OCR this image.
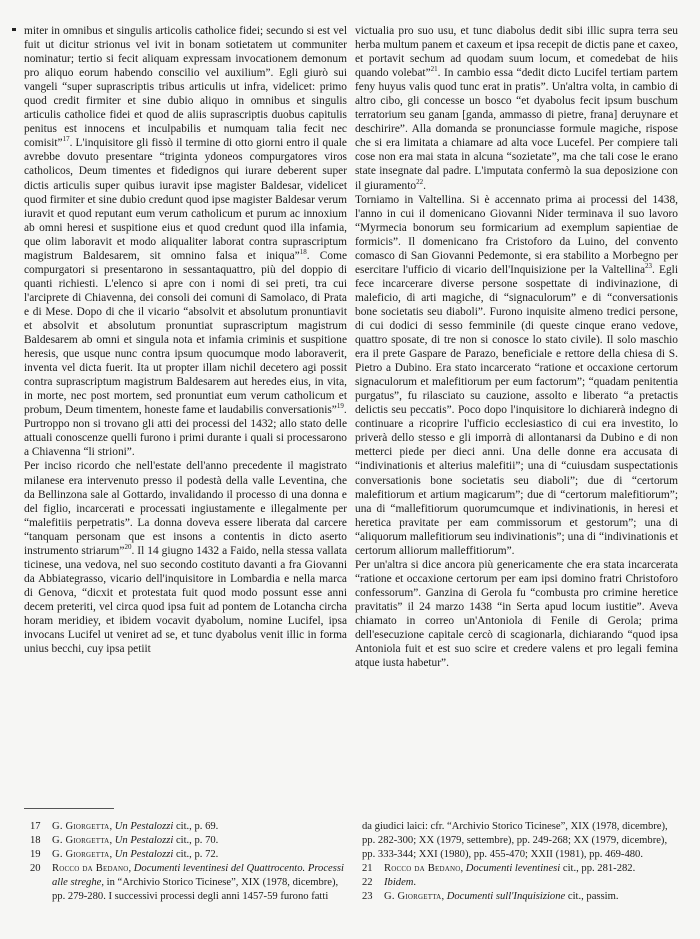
miter in omnibus et singulis articolis catholice fidei; secundo si est vel fuit ut dicitur strionus vel ivit in bonam sotietatem ut communiter nominatur; tertio si fecit aliquam expressam invocationem demonum pro aliquo eorum habendo conscilio vel auxilium”. Egli giurò sui vangeli “super suprascriptis tribus articulis ut infra, videlicet: primo quod credit firmiter et sine dubio aliquo in omnibus et singulis articulis catholice fidei et quod de aliis suprascriptis duobus capitulis penitus est innocens et inculpabilis et numquam talia fecit nec comisit”$^{17}$. L'inquisitore gli fissò il termine di otto giorni entro il quale avrebbe dovuto presentare “triginta ydoneos compurgatores viros catholicos, Deum timentes et fidedignos qui iurare deberent super dictis articulis super quibus iuravit ipse magister Baldesar, videlicet quod firmiter et sine dubio credunt quod ipse magister Baldesar verum iuravit et quod reputant eum verum catholicum et purum ac innoxium ab omni heresi et suspitione eius et quod credunt quod illa infamia, que olim laboravit et modo aliqualiter laborat contra suprascriptum magistrum Baldesarem, sit omnino falsa et iniqua”$^{18}$. Come compurgatori si presentarono in sessantaquattro, più del doppio di quanti richiesti. L'elenco si apre con i nomi di sei preti, tra cui l'arciprete di Chiavenna, dei consoli dei comuni di Samolaco, di Prata e di Mese. Dopo di che il vicario “absolvit et absolutum pronuntiavit et absolvit et absolutum pronuntiat suprascriptum magistrum Baldesarem ab omni et singula nota et infamia criminis et suspitione heresis, que usque nunc contra ipsum quocumque modo laboraverit, inventa vel dicta fuerit. Ita ut propter illam nichil decetero agi possit contra suprascriptum magistrum Baldesarem aut heredes eius, in vita, in morte, nec post mortem, sed pronuntiat eum verum catholicum et probum, Deum timentem, honeste fame et laudabilis conversationis”$^{19}$.

Purtroppo non si trovano gli atti dei processi del 1432; allo stato delle attuali conoscenze quelli furono i primi durante i quali si processarono a Chiavenna “li strioni”.

Per inciso ricordo che nell'estate dell'anno precedente il magistrato milanese era intervenuto presso il podestà della valle Leventina, che da Bellinzona sale al Gottardo, invalidando il processo di una donna e del figlio, incarcerati e processati ingiustamente e illegalmente per “malefitiis perpetratis”. La donna doveva essere liberata dal carcere “tanquam personam que est insons a contentis in dicto aserto instrumento striarum”$^{20}$. Il 14 giugno 1432 a Faido, nella stessa vallata ticinese, una vedova, nel suo secondo costituto davanti a fra Giovanni da Abbiategrasso, vicario dell'inquisitore in Lombardia e nella marca di Genova, “dicxit et protestata fuit quod modo possunt esse anni decem preteriti, vel circa quod ipsa fuit ad pontem de Lotancha circha horam meridiey, et ibidem vocavit dyabolum, nomine Lucifel, ipsa invocans Lucifel ut veniret ad se, et tunc dyabolus venit illic in forma unius becchi, cuy ipsa petiit

victualia pro suo usu, et tunc diabolus dedit sibi illic supra terra seu herba multum panem et caxeum et ipsa recepit de dictis pane et caxeo, et portavit sechum ad quodam suum locum, et comedebat de hiis quando volebat”$^{21}$. In cambio essa “dedit dicto Lucifel tertiam partem feny huyus valis quod tunc erat in pratis”. Un'altra volta, in cambio di altro cibo, gli concesse un bosco “et dyabolus fecit ipsum buschum terratorium seu ganam [ganda, ammasso di pietre, frana] deruynare et deschirire”. Alla domanda se pronunciasse formule magiche, rispose che si era limitata a chiamare ad alta voce Lucefel. Per compiere tali cose non era mai stata in alcuna “sozietate”, ma che tali cose le erano state insegnate dal padre. L'imputata confermò la sua deposizione con il giuramento$^{22}$.

Torniamo in Valtellina. Si è accennato prima ai processi del 1438, l'anno in cui il domenicano Giovanni Nider terminava il suo lavoro “Myrmecia bonorum seu formicarium ad exemplum sapientiae de formicis”. Il domenicano fra Cristoforo da Luino, del convento comasco di San Giovanni Pedemonte, si era stabilito a Morbegno per esercitare l'ufficio di vicario dell'Inquisizione per la Valtellina$^{23}$. Egli fece incarcerare diverse persone sospettate di indivinazione, di maleficio, di arti magiche, di “signaculorum” e di “conversationis bone societatis seu diaboli”. Furono inquisite almeno tredici persone, di cui dodici di sesso femminile (di queste cinque erano vedove, quattro sposate, di tre non si conosce lo stato civile). Il solo maschio era il prete Gaspare de Parazo, beneficiale e rettore della chiesa di S. Pietro a Dubino. Era stato incarcerato “ratione et occaxione certorum signaculorum et malefitiorum per eum factorum”; “quadam penitentia purgatus”, fu rilasciato su cauzione, assolto e liberato “a pretactis delictis seu peccatis”. Poco dopo l'inquisitore lo dichiarerà indegno di continuare a ricoprire l'ufficio ecclesiastico di cui era investito, lo priverà dello stesso e gli imporrà di allontanarsi da Dubino e di non metterci piede per dieci anni. Una delle donne era accusata di “indivinationis et alterius malefitii”; una di “cuiusdam suspectationis conversationis bone societatis seu diaboli”; due di “certorum malefitiorum et artium magicarum”; due di “certorum malefitiorum”; una di “mallefitiorum quorumcumque et indivinationis, in heresi et heretica pravitate per eam commissorum et gestorum”; una di “aliquorum mallefitiorum seu indivinationis”; una di “indivinationis et certorum alliorum malleffitiorum”.

Per un'altra si dice ancora più genericamente che era stata incarcerata “ratione et occaxione certorum per eam ipsi domino fratri Christoforo confessorum”. Ganzina di Gerola fu “combusta pro crimine heretice pravitatis” il 24 marzo 1438 “in Serta apud locum iustitie”. Aveva chiamato in correo un'Antoniola di Fenile di Gerola; prima dell'esecuzione capitale cercò di scagionarla, dichiarando “quod ipsa Antoniola fuit et est suo scire et credere valens et pro legali femina atque iusta habetur”.

17	G. Giorgetta, Un Pestalozzi cit., p. 69.
18	G. Giorgetta, Un Pestalozzi cit., p. 70.
19	G. Giorgetta, Un Pestalozzi cit., p. 72.
20	Rocco da Bedano, Documenti leventinesi del Quattrocento. Processi alle streghe, in “Archivio Storico Ticinese”, XIX (1978, dicembre), pp. 279-280. I successivi processi degli anni 1457-59 furono fatti
da giudici laici: cfr. “Archivio Storico Ticinese”, XIX (1978, dicembre), pp. 282-300; XX (1979, settembre), pp. 249-268; XX (1979, dicembre), pp. 333-344; XXI (1980), pp. 455-470; XXII (1981), pp. 469-480.
21	Rocco da Bedano, Documenti leventinesi cit., pp. 281-282.
22	Ibidem.
23	G. Giorgetta, Documenti sull'Inquisizione cit., passim.
